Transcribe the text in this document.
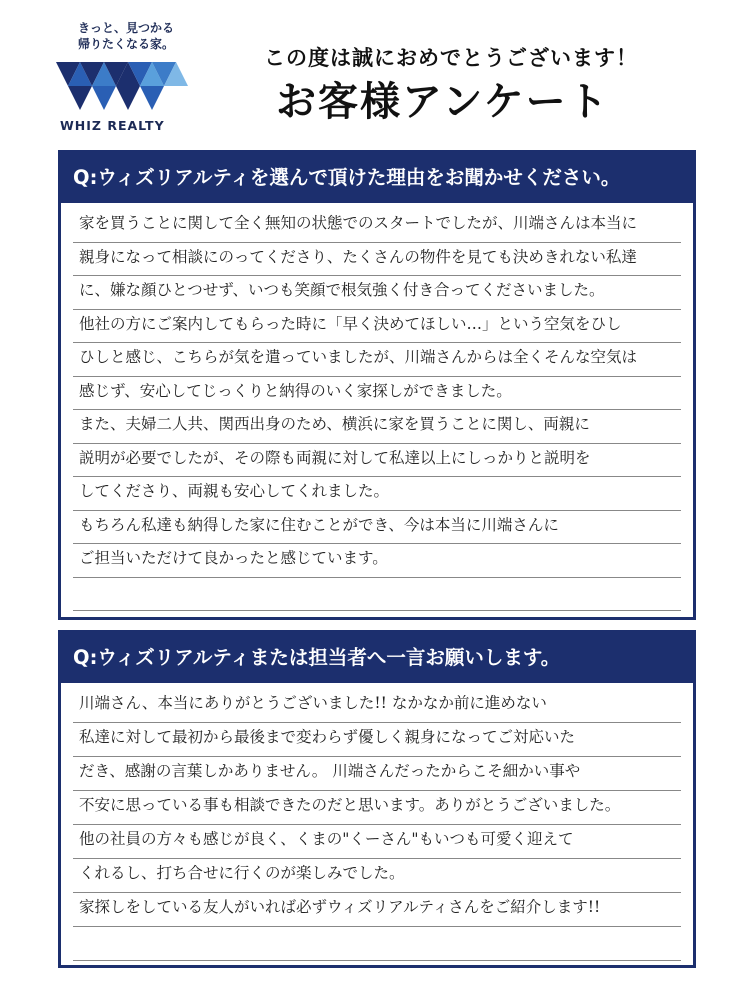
きっと、見つかる
帰りたくなる家。
WHIZ REALTY
この度は誠におめでとうございます！
お客様アンケート
Q:ウィズリアルティを選んで頂けた理由をお聞かせください。
家を買うことに関して全く無知の状態でのスタートでしたが、川端さんは本当に
親身になって相談にのってくださり、たくさんの物件を見ても決めきれない私達
に、嫌な顔ひとつせず、いつも笑顔で根気強く付き合ってくださいました。
他社の方にご案内してもらった時に「早く決めてほしい…」という空気をひし
ひしと感じ、こちらが気を遣っていましたが、川端さんからは全くそんな空気は
感じず、安心してじっくりと納得のいく家探しができました。
また、夫婦二人共、関西出身のため、横浜に家を買うことに関し、両親に
説明が必要でしたが、その際も両親に対して私達以上にしっかりと説明を
してくださり、両親も安心してくれました。
もちろん私達も納得した家に住むことができ、今は本当に川端さんに
ご担当いただけて良かったと感じています。
Q:ウィズリアルティまたは担当者へ一言お願いします。
川端さん、本当にありがとうございました!! なかなか前に進めない
私達に対して最初から最後まで変わらず優しく親身になってご対応いた
だき、感謝の言葉しかありません。 川端さんだったからこそ細かい事や
不安に思っている事も相談できたのだと思います。ありがとうございました。
他の社員の方々も感じが良く、くまの"くーさん"もいつも可愛く迎えて
くれるし、打ち合せに行くのが楽しみでした。
家探しをしている友人がいれば必ずウィズリアルティさんをご紹介します!!
